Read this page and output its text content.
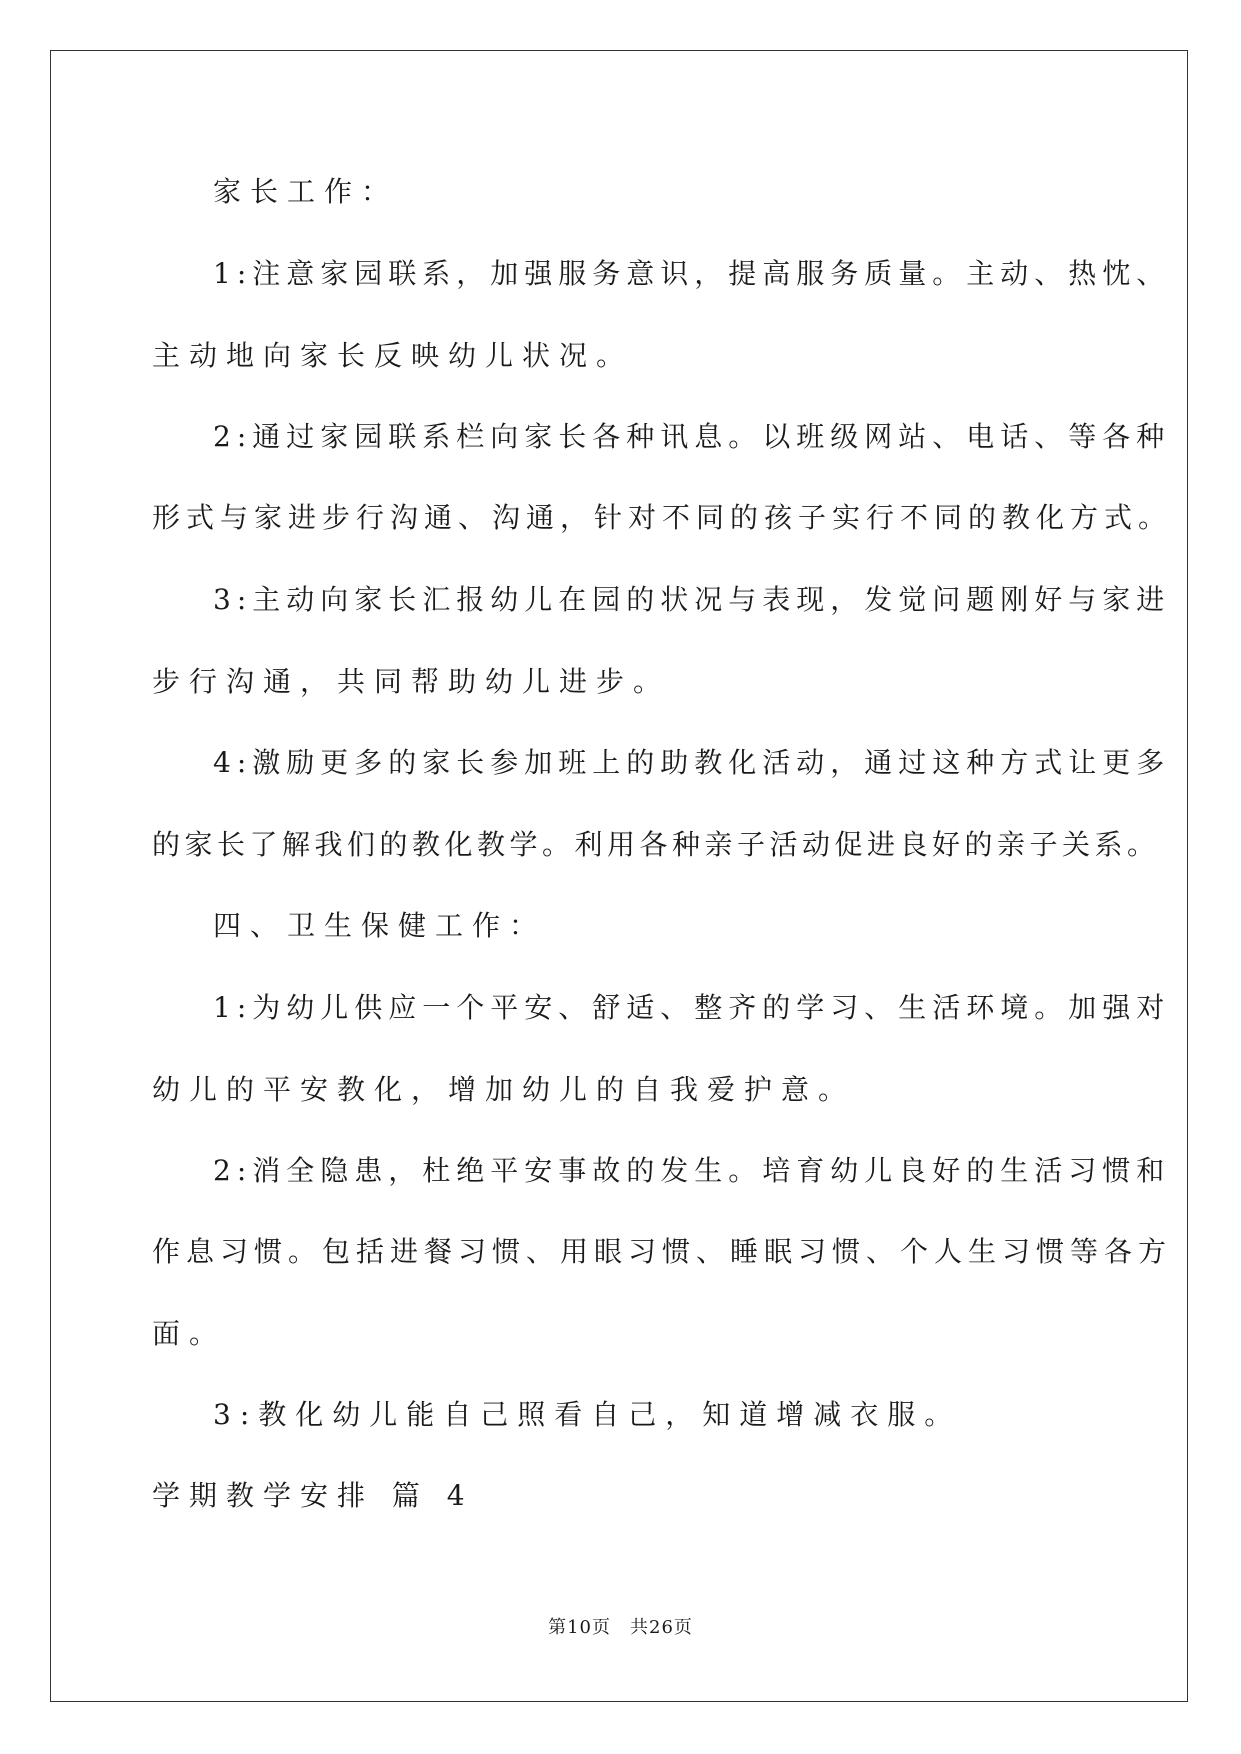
家长工作：
1:注意家园联系，加强服务意识，提高服务质量。主动、热忱、
主动地向家长反映幼儿状况。
2:通过家园联系栏向家长各种讯息。以班级网站、电话、等各种
形式与家进步行沟通、沟通，针对不同的孩子实行不同的教化方式。
3:主动向家长汇报幼儿在园的状况与表现，发觉问题刚好与家进
步行沟通，共同帮助幼儿进步。
4:激励更多的家长参加班上的助教化活动，通过这种方式让更多
的家长了解我们的教化教学。利用各种亲子活动促进良好的亲子关系。
四、卫生保健工作：
1:为幼儿供应一个平安、舒适、整齐的学习、生活环境。加强对
幼儿的平安教化，增加幼儿的自我爱护意。
2:消全隐患，杜绝平安事故的发生。培育幼儿良好的生活习惯和
作息习惯。包括进餐习惯、用眼习惯、睡眠习惯、个人生习惯等各方
面。
3:教化幼儿能自己照看自己，知道增减衣服。
学期教学安排 篇 4
第10页　共26页
